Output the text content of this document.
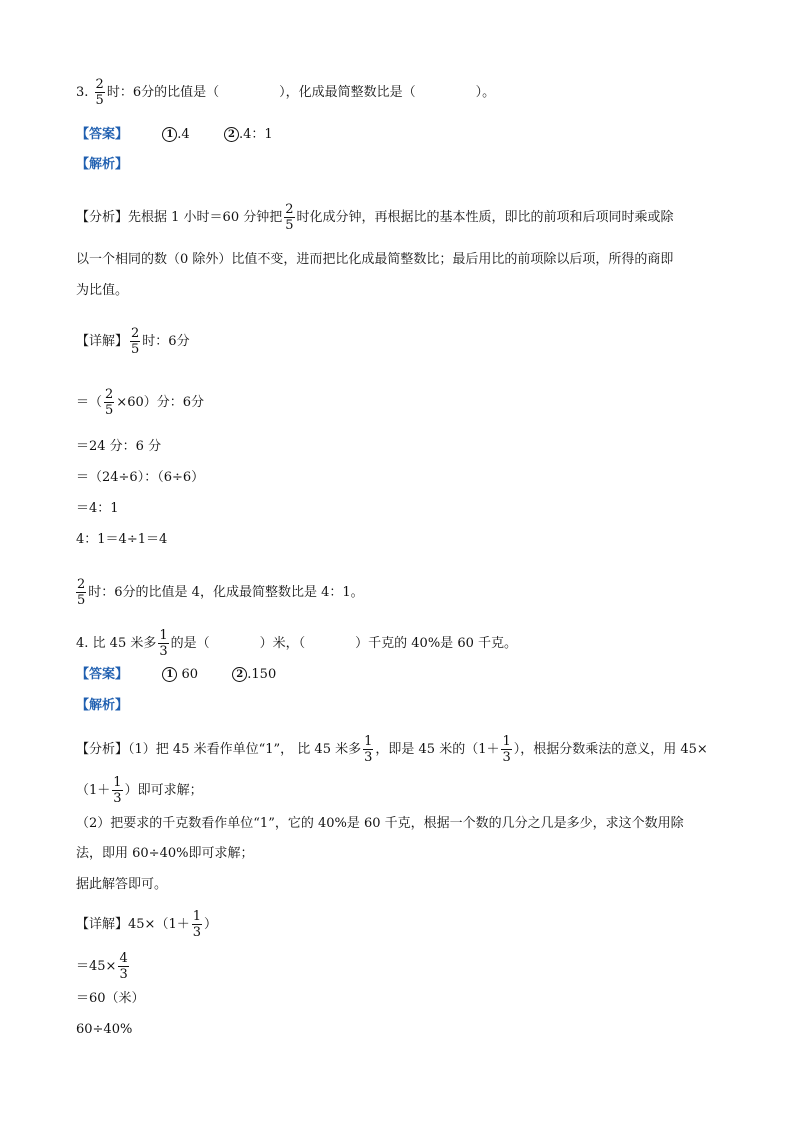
3. $\frac{2}{5}$ 时：6分的比值是（	），化成最简整数比是（	）。
【答案】	1 .4	2 .4：1
【解析】
【分析】先根据 1 小时＝60 分钟把 $\frac{2}{5}$ 时化成分钟，再根据比的基本性质，即比的前项和后项同时乘或除
以一个相同的数（0 除外）比值不变，进而把比化成最简整数比；最后用比的前项除以后项，所得的商即
为比值。
【详解】 $\frac{2}{5}$ 时：6分
＝（ $\frac{2}{5} \times 60$）分：6分
＝24 分：6 分
＝（24÷6）：（6÷6）
＝4：1
4：1＝4÷1＝4
$\frac{2}{5}$ 时：6分的比值是 4，化成最简整数比是 4：1。
4. 比 45 米多 $\frac{1}{3}$ 的是（	）米，（	）千克的 40%是 60 千克。
【答案】	1 60	2 .150
【解析】
【分析】（1）把 45 米看作单位“1”， 比 45 米多 $\frac{1}{3}$ ，即是 45 米的（$1+ \frac{1}{3}$ ），根据分数乘法的意义，用 45×
（$1+ \frac{1}{3}$ ）即可求解；
（2）把要求的千克数看作单位“1”，它的 40%是 60 千克，根据一个数的几分之几是多少，求这个数用除
法，即用 60÷40%即可求解；
据此解答即可。
【详解】$45\times(1+ \frac{1}{3}$ ）
$=45\times \frac{4}{3}$
＝60（米）
60÷40%
